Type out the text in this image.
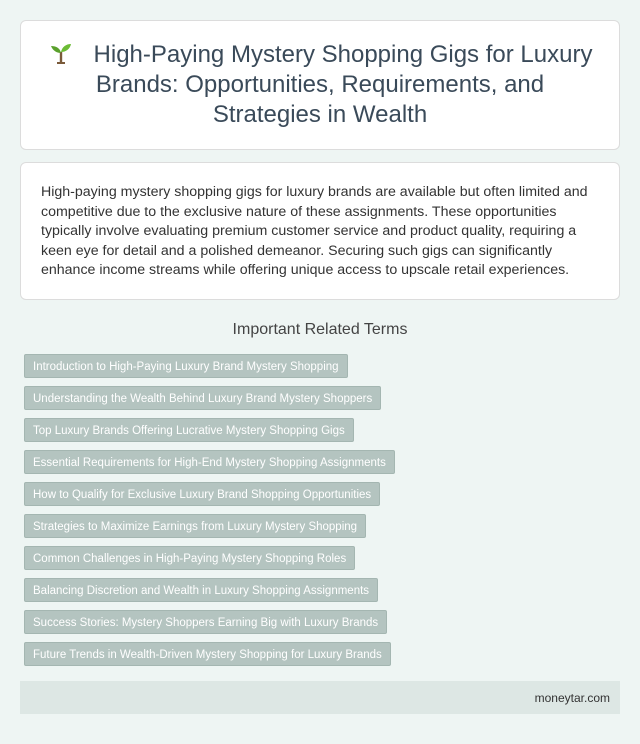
High-Paying Mystery Shopping Gigs for Luxury Brands: Opportunities, Requirements, and Strategies in Wealth

High-paying mystery shopping gigs for luxury brands are available but often limited and competitive due to the exclusive nature of these assignments. These opportunities typically involve evaluating premium customer service and product quality, requiring a keen eye for detail and a polished demeanor. Securing such gigs can significantly enhance income streams while offering unique access to upscale retail experiences.

Important Related Terms
Introduction to High-Paying Luxury Brand Mystery Shopping
Understanding the Wealth Behind Luxury Brand Mystery Shoppers
Top Luxury Brands Offering Lucrative Mystery Shopping Gigs
Essential Requirements for High-End Mystery Shopping Assignments
How to Qualify for Exclusive Luxury Brand Shopping Opportunities
Strategies to Maximize Earnings from Luxury Mystery Shopping
Common Challenges in High-Paying Mystery Shopping Roles
Balancing Discretion and Wealth in Luxury Shopping Assignments
Success Stories: Mystery Shoppers Earning Big with Luxury Brands
Future Trends in Wealth-Driven Mystery Shopping for Luxury Brands
moneytar.com
